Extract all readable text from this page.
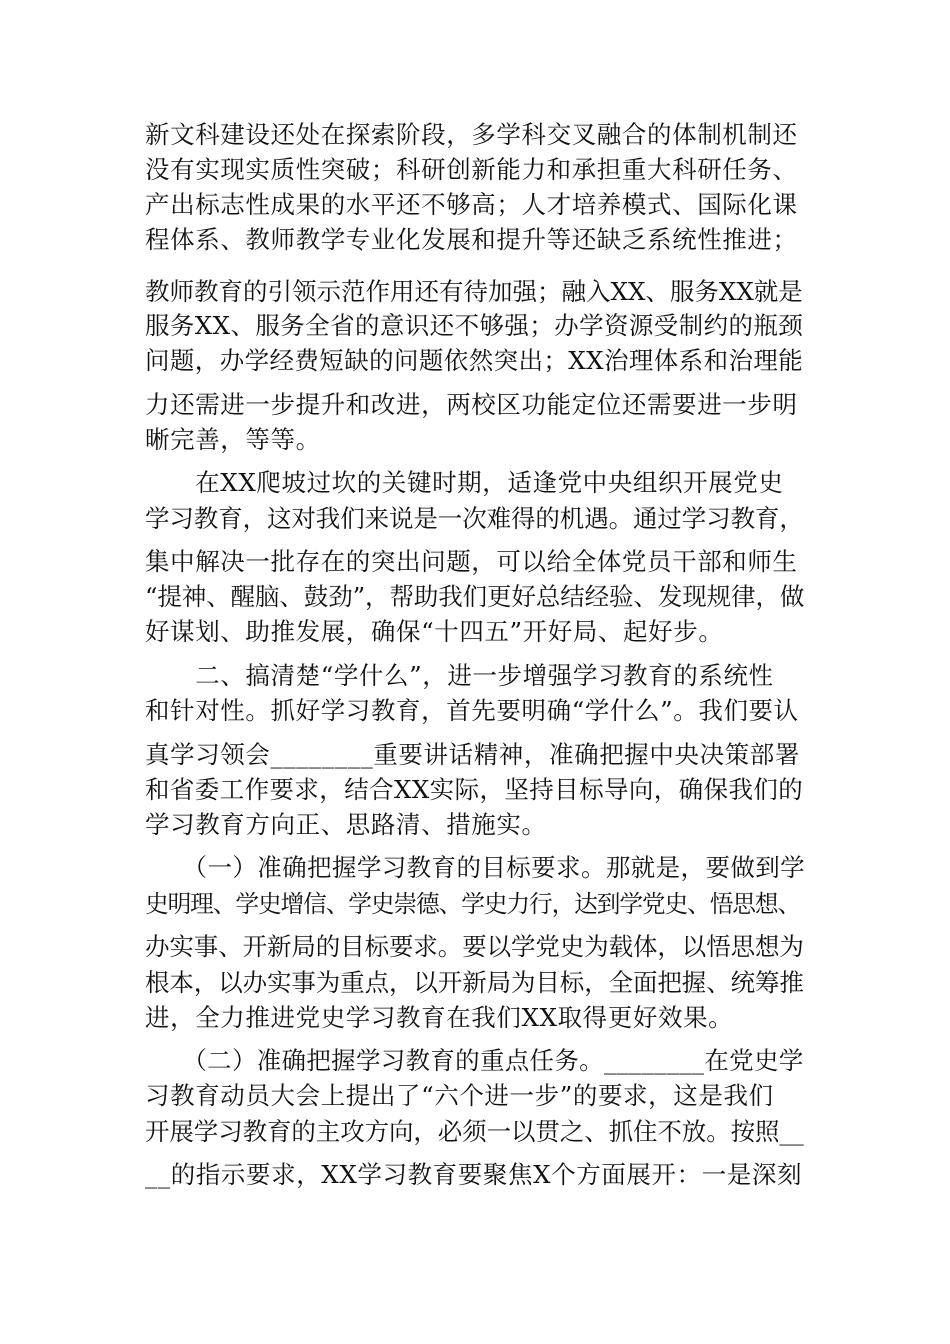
新文科建设还处在探索阶段，多学科交叉融合的体制机制还
没有实现实质性突破；科研创新能力和承担重大科研任务、
产出标志性成果的水平还不够高；人才培养模式、国际化课
程体系、教师教学专业化发展和提升等还缺乏系统性推进；
教师教育的引领示范作用还有待加强；融入XX、服务XX就是
服务XX、服务全省的意识还不够强；办学资源受制约的瓶颈
问题，办学经费短缺的问题依然突出；XX治理体系和治理能
力还需进一步提升和改进，两校区功能定位还需要进一步明
晰完善，等等。
　　在XX爬坡过坎的关键时期，适逢党中央组织开展党史
学习教育，这对我们来说是一次难得的机遇。通过学习教育，
集中解决一批存在的突出问题，可以给全体党员干部和师生
“提神、醒脑、鼓劲”，帮助我们更好总结经验、发现规律，做
好谋划、助推发展，确保“十四五”开好局、起好步。
　　二、搞清楚“学什么”，进一步增强学习教育的系统性
和针对性。抓好学习教育，首先要明确“学什么”。我们要认
真学习领会________重要讲话精神，准确把握中央决策部署
和省委工作要求，结合XX实际，坚持目标导向，确保我们的
学习教育方向正、思路清、措施实。
　　（一）准确把握学习教育的目标要求。那就是，要做到学
史明理、学史增信、学史崇德、学史力行，达到学党史、悟思想、
办实事、开新局的目标要求。要以学党史为载体，以悟思想为
根本，以办实事为重点，以开新局为目标，全面把握、统筹推
进，全力推进党史学习教育在我们XX取得更好效果。
　　（二）准确把握学习教育的重点任务。________在党史学
习教育动员大会上提出了“六个进一步”的要求，这是我们
开展学习教育的主攻方向，必须一以贯之、抓住不放。按照__
__的指示要求，XX学习教育要聚焦X个方面展开：一是深刻
